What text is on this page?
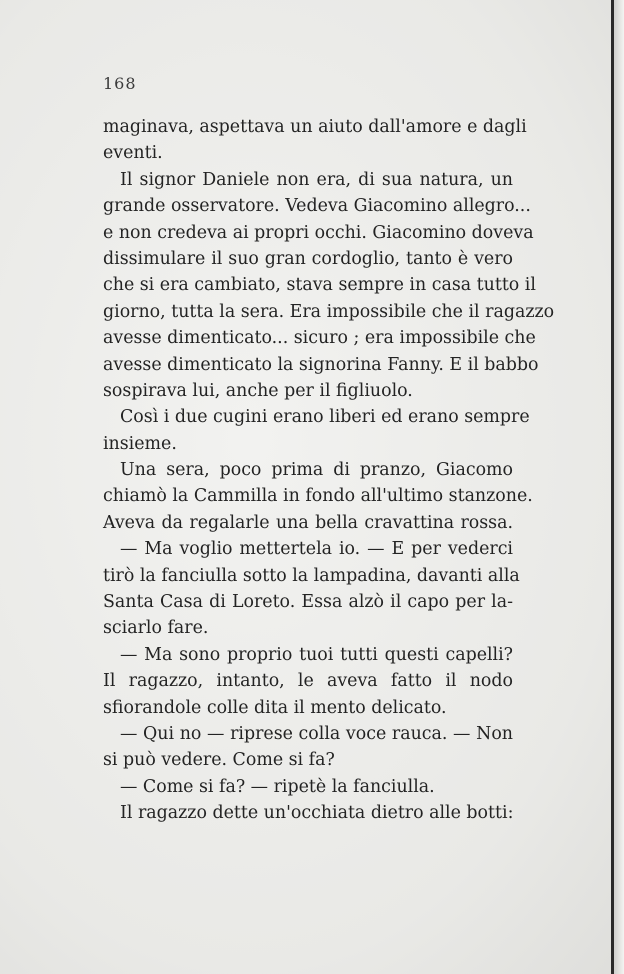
168
maginava, aspettava un aiuto dall'amore e dagli
eventi.
Il signor Daniele non era, di sua natura, un
grande osservatore. Vedeva Giacomino allegro...
e non credeva ai propri occhi. Giacomino doveva
dissimulare il suo gran cordoglio, tanto è vero
che si era cambiato, stava sempre in casa tutto il
giorno, tutta la sera. Era impossibile che il ragazzo
avesse dimenticato... sicuro ; era impossibile che
avesse dimenticato la signorina Fanny. E il babbo
sospirava lui, anche per il figliuolo.
Così i due cugini erano liberi ed erano sempre
insieme.
Una sera, poco prima di pranzo, Giacomo
chiamò la Cammilla in fondo all'ultimo stanzone.
Aveva da regalarle una bella cravattina rossa.
— Ma voglio mettertela io. — E per vederci
tirò la fanciulla sotto la lampadina, davanti alla
Santa Casa di Loreto. Essa alzò il capo per la-
sciarlo fare.
— Ma sono proprio tuoi tutti questi capelli?
Il ragazzo, intanto, le aveva fatto il nodo
sfiorandole colle dita il mento delicato.
— Qui no — riprese colla voce rauca. — Non
si può vedere. Come si fa?
— Come si fa? — ripetè la fanciulla.
Il ragazzo dette un'occhiata dietro alle botti:
